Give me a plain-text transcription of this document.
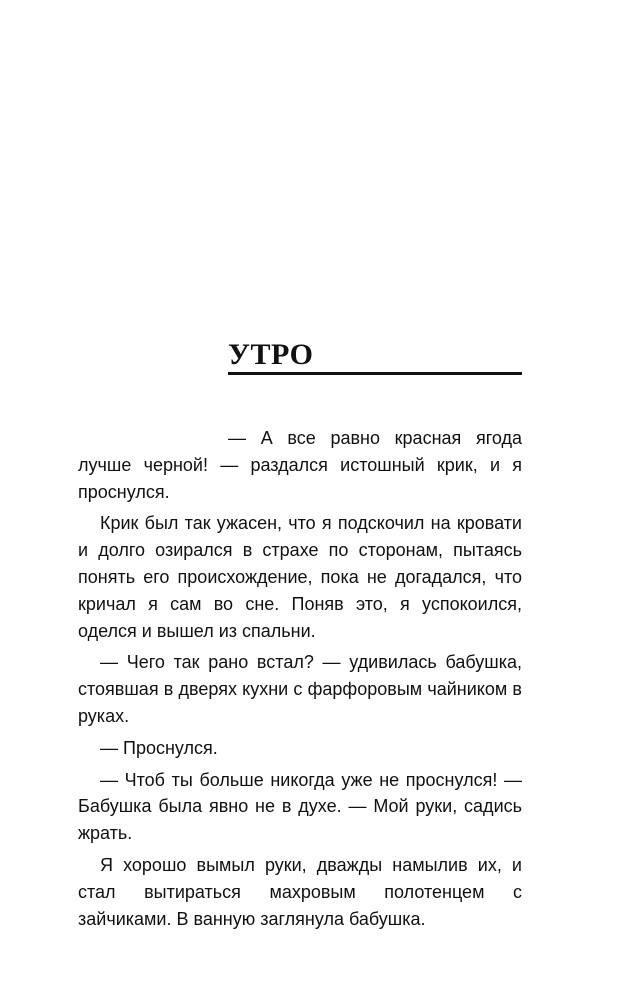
УТРО

— А все равно красная ягода лучше черной! — раздался истошный крик, и я проснулся.

Крик был так ужасен, что я подскочил на кровати и долго озирался в страхе по сторонам, пытаясь понять его происхождение, пока не догадался, что кричал я сам во сне. Поняв это, я успокоился, оделся и вышел из спальни.

— Чего так рано встал? — удивилась бабушка, стоявшая в дверях кухни с фарфоровым чайником в руках.

— Проснулся.

— Чтоб ты больше никогда уже не проснулся! — Бабушка была явно не в духе. — Мой руки, садись жрать.

Я хорошо вымыл руки, дважды намылив их, и стал вытираться махровым полотенцем с зайчиками. В ванную заглянула бабушка.
